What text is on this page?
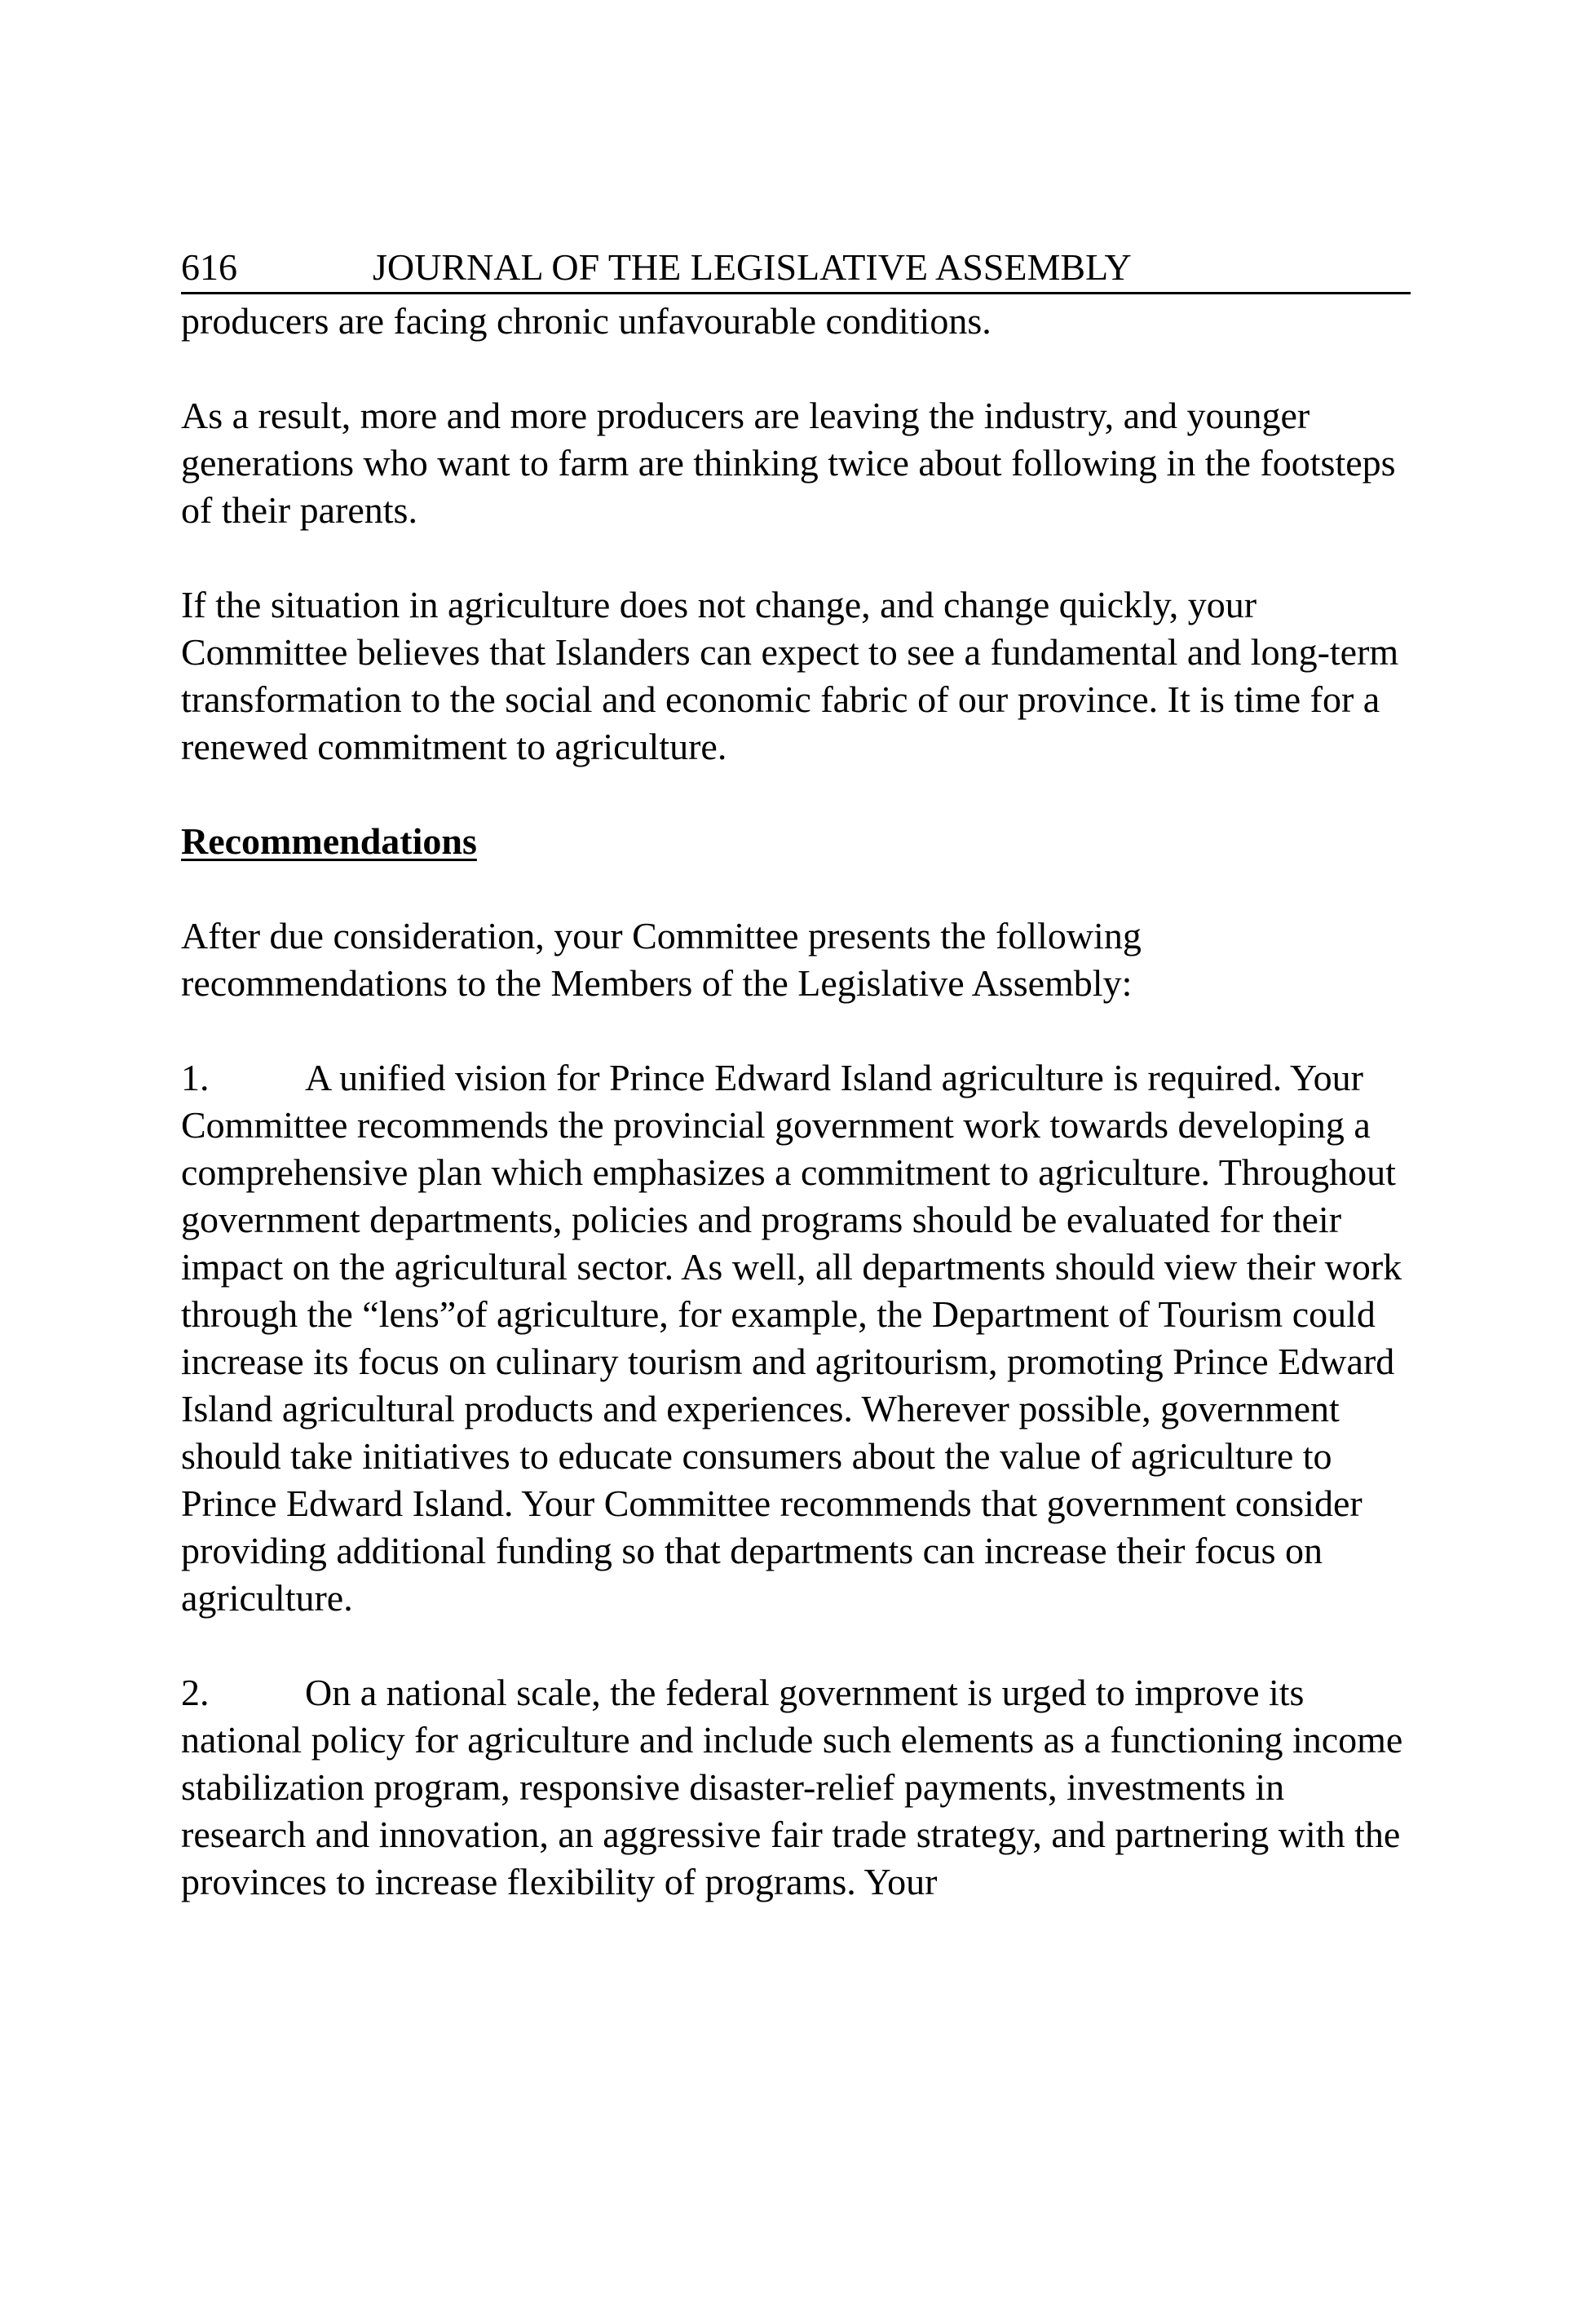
616	JOURNAL OF THE LEGISLATIVE ASSEMBLY

producers are facing chronic unfavourable conditions.

As a result, more and more producers are leaving the industry, and younger generations who want to farm are thinking twice about following in the footsteps of their parents.

If the situation in agriculture does not change, and change quickly, your Committee believes that Islanders can expect to see a fundamental and long-term transformation to the social and economic fabric of our province. It is time for a renewed commitment to agriculture.

Recommendations

After due consideration, your Committee presents the following recommendations to the Members of the Legislative Assembly:

1.	A unified vision for Prince Edward Island agriculture is required. Your Committee recommends the provincial government work towards developing a comprehensive plan which emphasizes a commitment to agriculture. Throughout government departments, policies and programs should be evaluated for their impact on the agricultural sector. As well, all departments should view their work through the “lens”of agriculture, for example, the Department of Tourism could increase its focus on culinary tourism and agritourism, promoting Prince Edward Island agricultural products and experiences. Wherever possible, government should take initiatives to educate consumers about the value of agriculture to Prince Edward Island. Your Committee recommends that government consider providing additional funding so that departments can increase their focus on agriculture.

2.	On a national scale, the federal government is urged to improve its national policy for agriculture and include such elements as a functioning income stabilization program, responsive disaster-relief payments, investments in research and innovation, an aggressive fair trade strategy, and partnering with the provinces to increase flexibility of programs. Your
